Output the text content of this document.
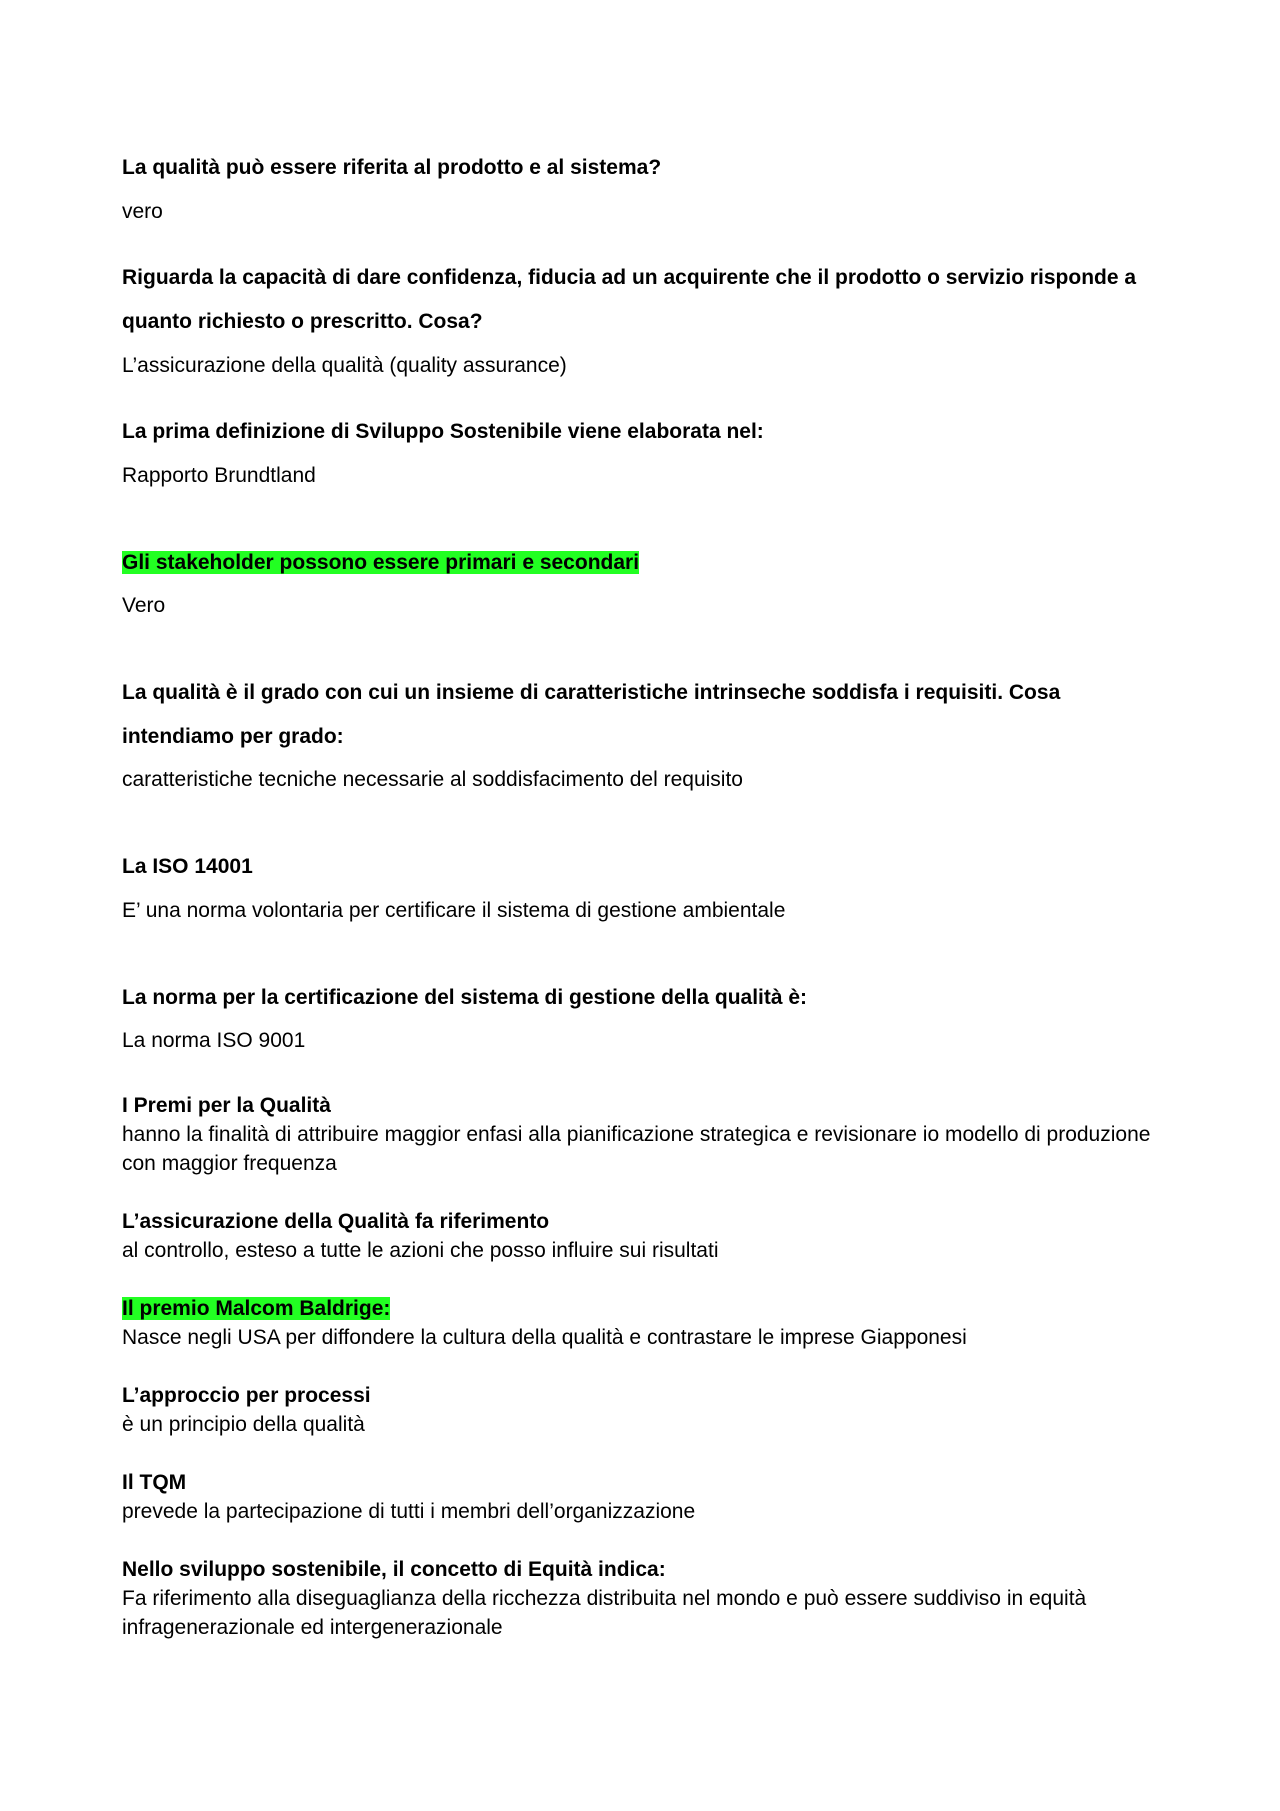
La qualità può essere riferita al prodotto e al sistema?
vero
Riguarda la capacità di dare confidenza, fiducia ad un acquirente che il prodotto o servizio risponde a quanto richiesto o prescritto. Cosa?
L’assicurazione della qualità (quality assurance)
La prima definizione di Sviluppo Sostenibile viene elaborata nel:
Rapporto Brundtland
Gli stakeholder possono essere primari e secondari
Vero
La qualità è il grado con cui un insieme di caratteristiche intrinseche soddisfa i requisiti. Cosa intendiamo per grado:
caratteristiche tecniche necessarie al soddisfacimento del requisito
La ISO 14001
E’ una norma volontaria per certificare il sistema di gestione ambientale
La norma per la certificazione del sistema di gestione della qualità è:
La norma ISO 9001
I Premi per la Qualità
hanno la finalità di attribuire maggior enfasi alla pianificazione strategica e revisionare io modello di produzione con maggior frequenza
L’assicurazione della Qualità fa riferimento
al controllo, esteso a tutte le azioni che posso influire sui risultati
Il premio Malcom Baldrige:
Nasce negli USA per diffondere la cultura della qualità e contrastare le imprese Giapponesi
L’approccio per processi
è un principio della qualità
Il TQM
prevede la partecipazione di tutti i membri dell’organizzazione
Nello sviluppo sostenibile, il concetto di Equità indica:
Fa riferimento alla diseguaglianza della ricchezza distribuita nel mondo e può essere suddiviso in equità infragenerazionale ed intergenerazionale
